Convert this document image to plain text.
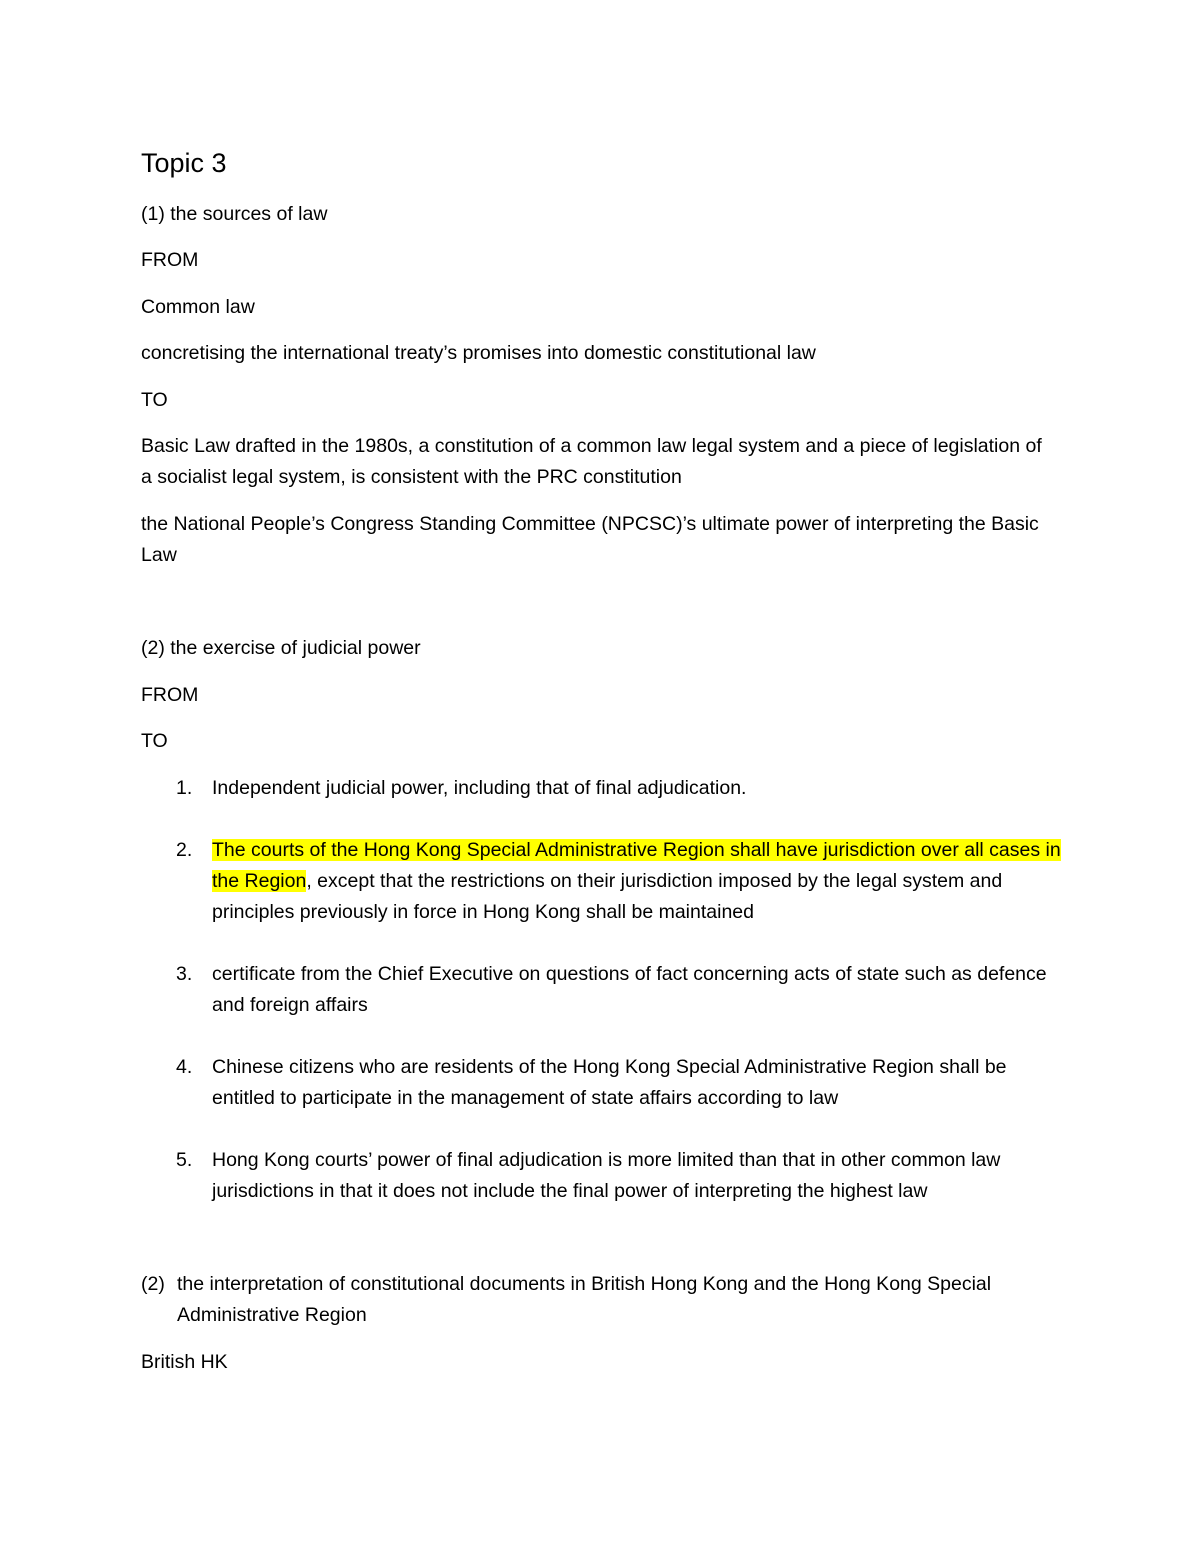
Topic 3

(1) the sources of law

FROM

Common law

concretising the international treaty’s promises into domestic constitutional law

TO

Basic Law drafted in the 1980s, a constitution of a common law legal system and a piece of legislation of a socialist legal system, is consistent with the PRC constitution

the National People’s Congress Standing Committee (NPCSC)’s ultimate power of interpreting the Basic Law

(2) the exercise of judicial power

FROM

TO

1. Independent judicial power, including that of final adjudication.

2. The courts of the Hong Kong Special Administrative Region shall have jurisdiction over all cases in the Region, except that the restrictions on their jurisdiction imposed by the legal system and principles previously in force in Hong Kong shall be maintained

3. certificate from the Chief Executive on questions of fact concerning acts of state such as defence and foreign affairs

4. Chinese citizens who are residents of the Hong Kong Special Administrative Region shall be entitled to participate in the management of state affairs according to law

5. Hong Kong courts’ power of final adjudication is more limited than that in other common law jurisdictions in that it does not include the final power of interpreting the highest law

(2) the interpretation of constitutional documents in British Hong Kong and the Hong Kong Special Administrative Region

British HK
